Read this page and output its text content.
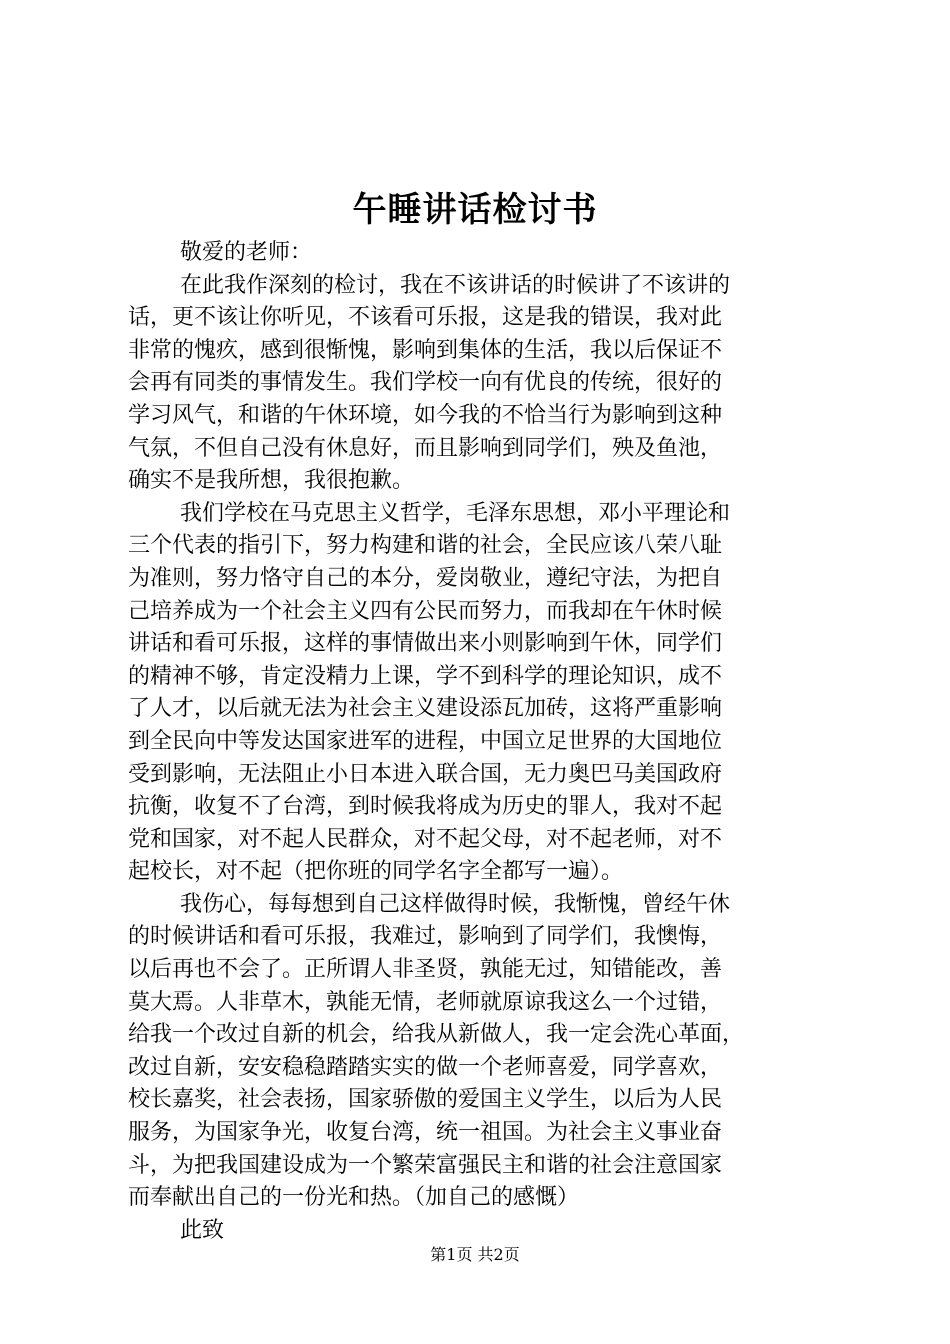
午睡讲话检讨书
敬爱的老师：
在此我作深刻的检讨，我在不该讲话的时候讲了不该讲的
话，更不该让你听见，不该看可乐报，这是我的错误，我对此
非常的愧疚，感到很惭愧，影响到集体的生活，我以后保证不
会再有同类的事情发生。我们学校一向有优良的传统，很好的
学习风气，和谐的午休环境，如今我的不恰当行为影响到这种
气氛，不但自己没有休息好，而且影响到同学们，殃及鱼池，
确实不是我所想，我很抱歉。
我们学校在马克思主义哲学，毛泽东思想，邓小平理论和
三个代表的指引下，努力构建和谐的社会，全民应该八荣八耻
为准则，努力恪守自己的本分，爱岗敬业，遵纪守法，为把自
己培养成为一个社会主义四有公民而努力，而我却在午休时候
讲话和看可乐报，这样的事情做出来小则影响到午休，同学们
的精神不够，肯定没精力上课，学不到科学的理论知识，成不
了人才，以后就无法为社会主义建设添瓦加砖，这将严重影响
到全民向中等发达国家进军的进程，中国立足世界的大国地位
受到影响，无法阻止小日本进入联合国，无力奥巴马美国政府
抗衡，收复不了台湾，到时候我将成为历史的罪人，我对不起
党和国家，对不起人民群众，对不起父母，对不起老师，对不
起校长，对不起（把你班的同学名字全都写一遍）。
我伤心，每每想到自己这样做得时候，我惭愧，曾经午休
的时候讲话和看可乐报，我难过，影响到了同学们，我懊悔，
以后再也不会了。正所谓人非圣贤，孰能无过，知错能改，善
莫大焉。人非草木，孰能无情，老师就原谅我这么一个过错，
给我一个改过自新的机会，给我从新做人，我一定会洗心革面，
改过自新，安安稳稳踏踏实实的做一个老师喜爱，同学喜欢，
校长嘉奖，社会表扬，国家骄傲的爱国主义学生，以后为人民
服务，为国家争光，收复台湾，统一祖国。为社会主义事业奋
斗，为把我国建设成为一个繁荣富强民主和谐的社会注意国家
而奉献出自己的一份光和热。（加自己的感慨）
此致
第1页 共2页
